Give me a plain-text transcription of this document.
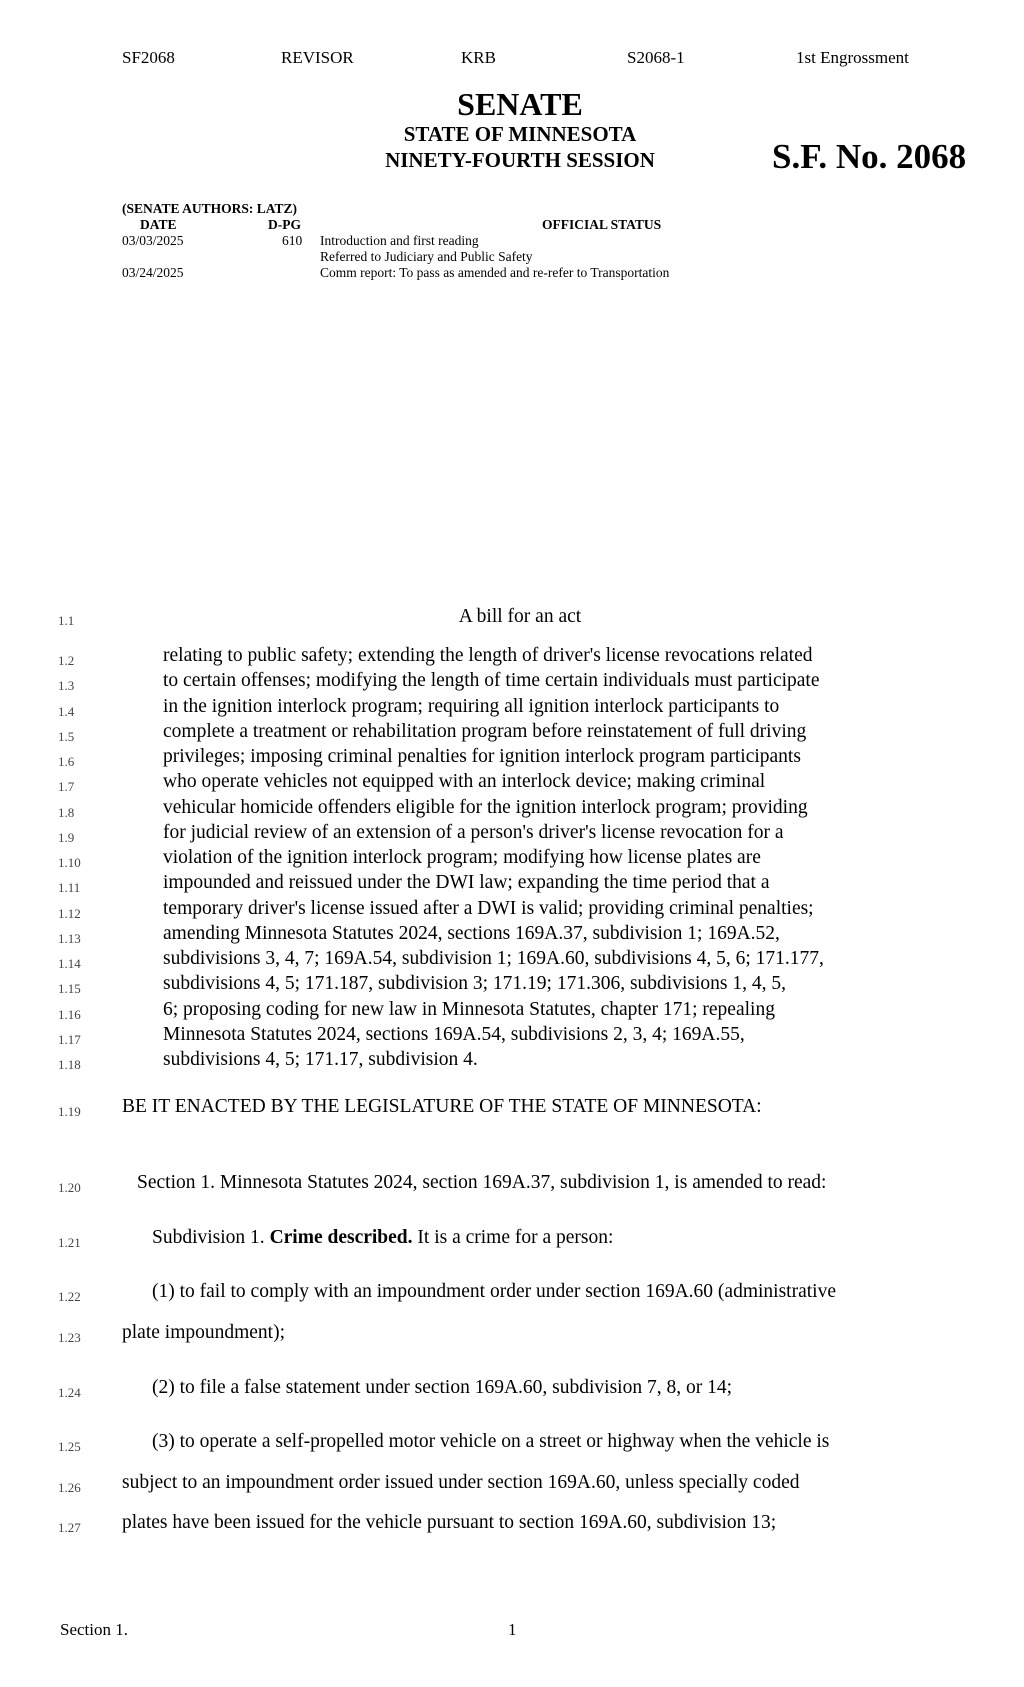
SF2068	REVISOR	KRB	S2068-1	1st Engrossment
SENATE
STATE OF MINNESOTA
NINETY-FOURTH SESSION	S.F. No. 2068
(SENATE AUTHORS: LATZ)
DATE	D-PG	OFFICIAL STATUS
03/03/2025	610 Introduction and first reading
Referred to Judiciary and Public Safety
03/24/2025	Comm report: To pass as amended and re-refer to Transportation
1.1	A bill for an act
1.2	relating to public safety; extending the length of driver's license revocations related
1.3	to certain offenses; modifying the length of time certain individuals must participate
1.4	in the ignition interlock program; requiring all ignition interlock participants to
1.5	complete a treatment or rehabilitation program before reinstatement of full driving
1.6	privileges; imposing criminal penalties for ignition interlock program participants
1.7	who operate vehicles not equipped with an interlock device; making criminal
1.8	vehicular homicide offenders eligible for the ignition interlock program; providing
1.9	for judicial review of an extension of a person's driver's license revocation for a
1.10	violation of the ignition interlock program; modifying how license plates are
1.11	impounded and reissued under the DWI law; expanding the time period that a
1.12	temporary driver's license issued after a DWI is valid; providing criminal penalties;
1.13	amending Minnesota Statutes 2024, sections 169A.37, subdivision 1; 169A.52,
1.14	subdivisions 3, 4, 7; 169A.54, subdivision 1; 169A.60, subdivisions 4, 5, 6; 171.177,
1.15	subdivisions 4, 5; 171.187, subdivision 3; 171.19; 171.306, subdivisions 1, 4, 5,
1.16	6; proposing coding for new law in Minnesota Statutes, chapter 171; repealing
1.17	Minnesota Statutes 2024, sections 169A.54, subdivisions 2, 3, 4; 169A.55,
1.18	subdivisions 4, 5; 171.17, subdivision 4.
1.19	BE IT ENACTED BY THE LEGISLATURE OF THE STATE OF MINNESOTA:
1.20	Section 1. Minnesota Statutes 2024, section 169A.37, subdivision 1, is amended to read:
1.21	Subdivision 1. Crime described. It is a crime for a person:
1.22	(1) to fail to comply with an impoundment order under section 169A.60 (administrative
1.23	plate impoundment);
1.24	(2) to file a false statement under section 169A.60, subdivision 7, 8, or 14;
1.25	(3) to operate a self-propelled motor vehicle on a street or highway when the vehicle is
1.26	subject to an impoundment order issued under section 169A.60, unless specially coded
1.27	plates have been issued for the vehicle pursuant to section 169A.60, subdivision 13;
Section 1.	1
